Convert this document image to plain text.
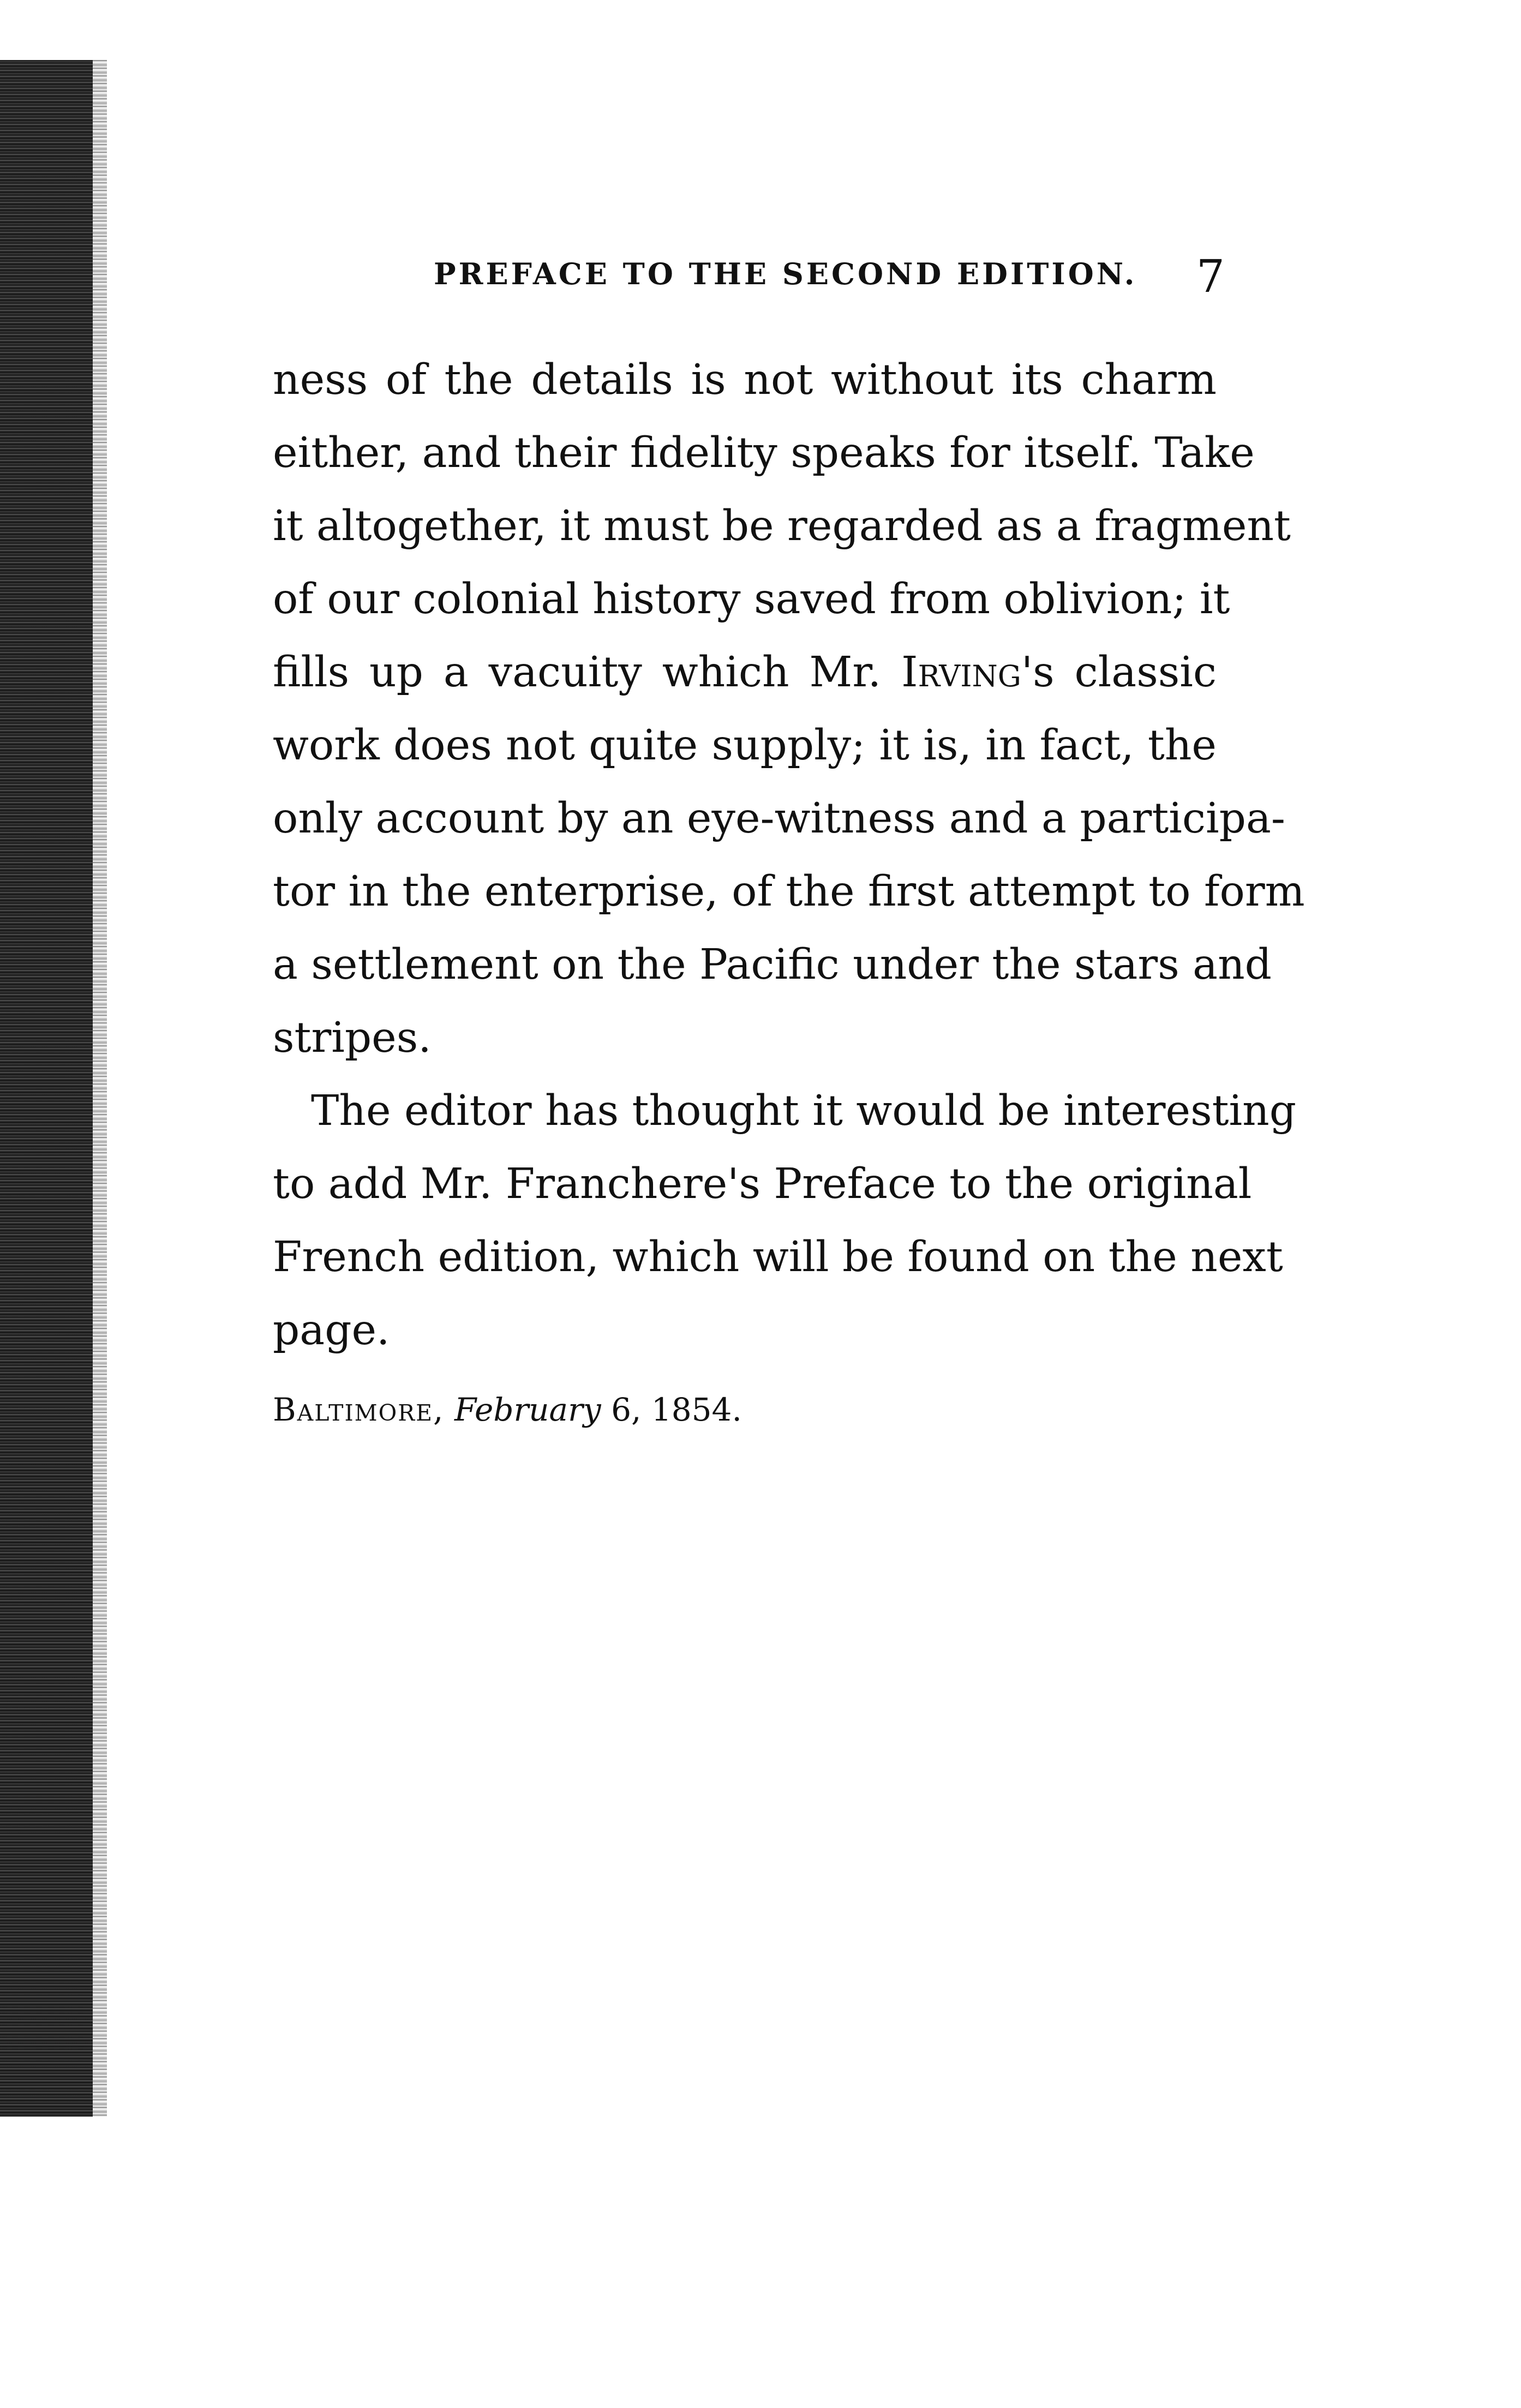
PREFACE TO THE SECOND EDITION. 7
ness of the details is not without its charm
either, and their fidelity speaks for itself. Take
it altogether, it must be regarded as a fragment
of our colonial history saved from oblivion; it
fills up a vacuity which Mr. Irving's classic
work does not quite supply; it is, in fact, the
only account by an eye-witness and a participa-
tor in the enterprise, of the first attempt to form
a settlement on the Pacific under the stars and
stripes.
The editor has thought it would be interesting
to add Mr. Franchere's Preface to the original
French edition, which will be found on the next
page.
Baltimore, February 6, 1854.
